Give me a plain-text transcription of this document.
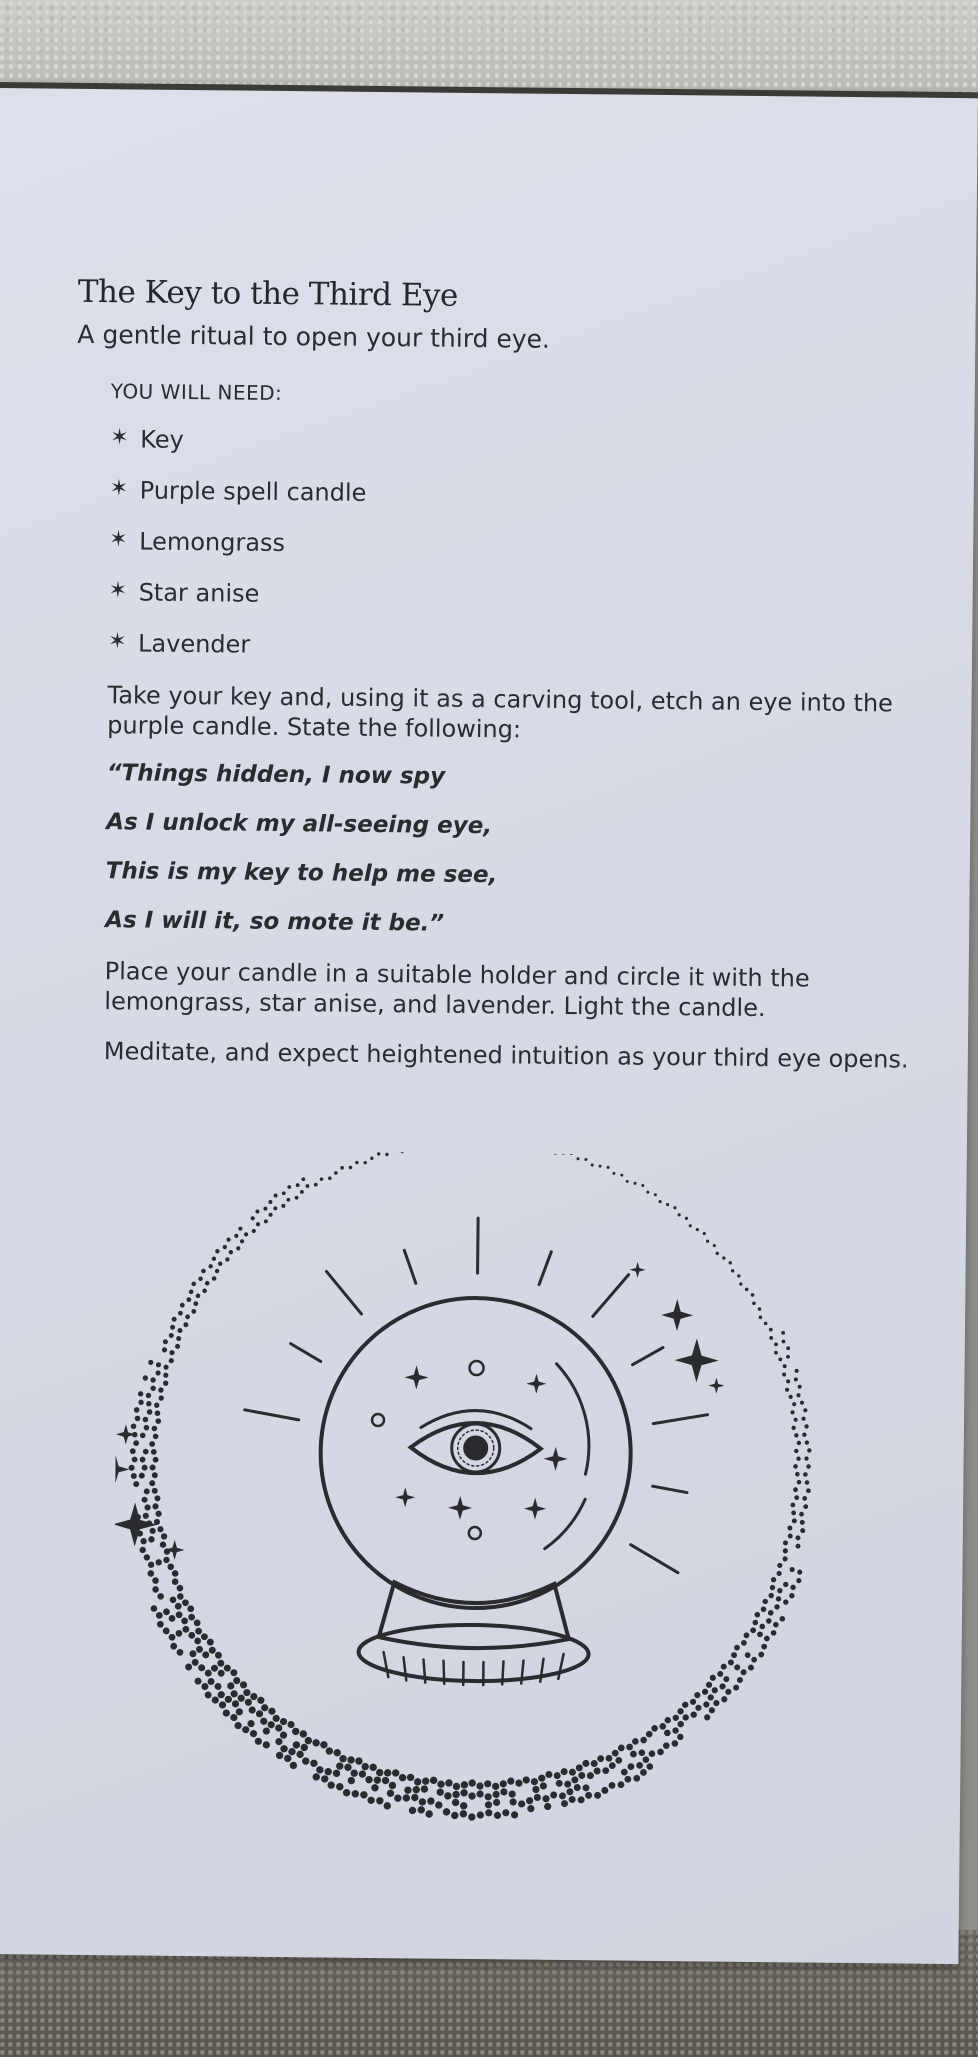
The Key to the Third Eye
A gentle ritual to open your third eye.
YOU WILL NEED:
✶ Key
✶ Purple spell candle
✶ Lemongrass
✶ Star anise
✶ Lavender

Take your key and, using it as a carving tool, etch an eye into the purple candle. State the following:

“Things hidden, I now spy
As I unlock my all-seeing eye,
This is my key to help me see,
As I will it, so mote it be.”

Place your candle in a suitable holder and circle it with the lemongrass, star anise, and lavender. Light the candle.

Meditate, and expect heightened intuition as your third eye opens.
